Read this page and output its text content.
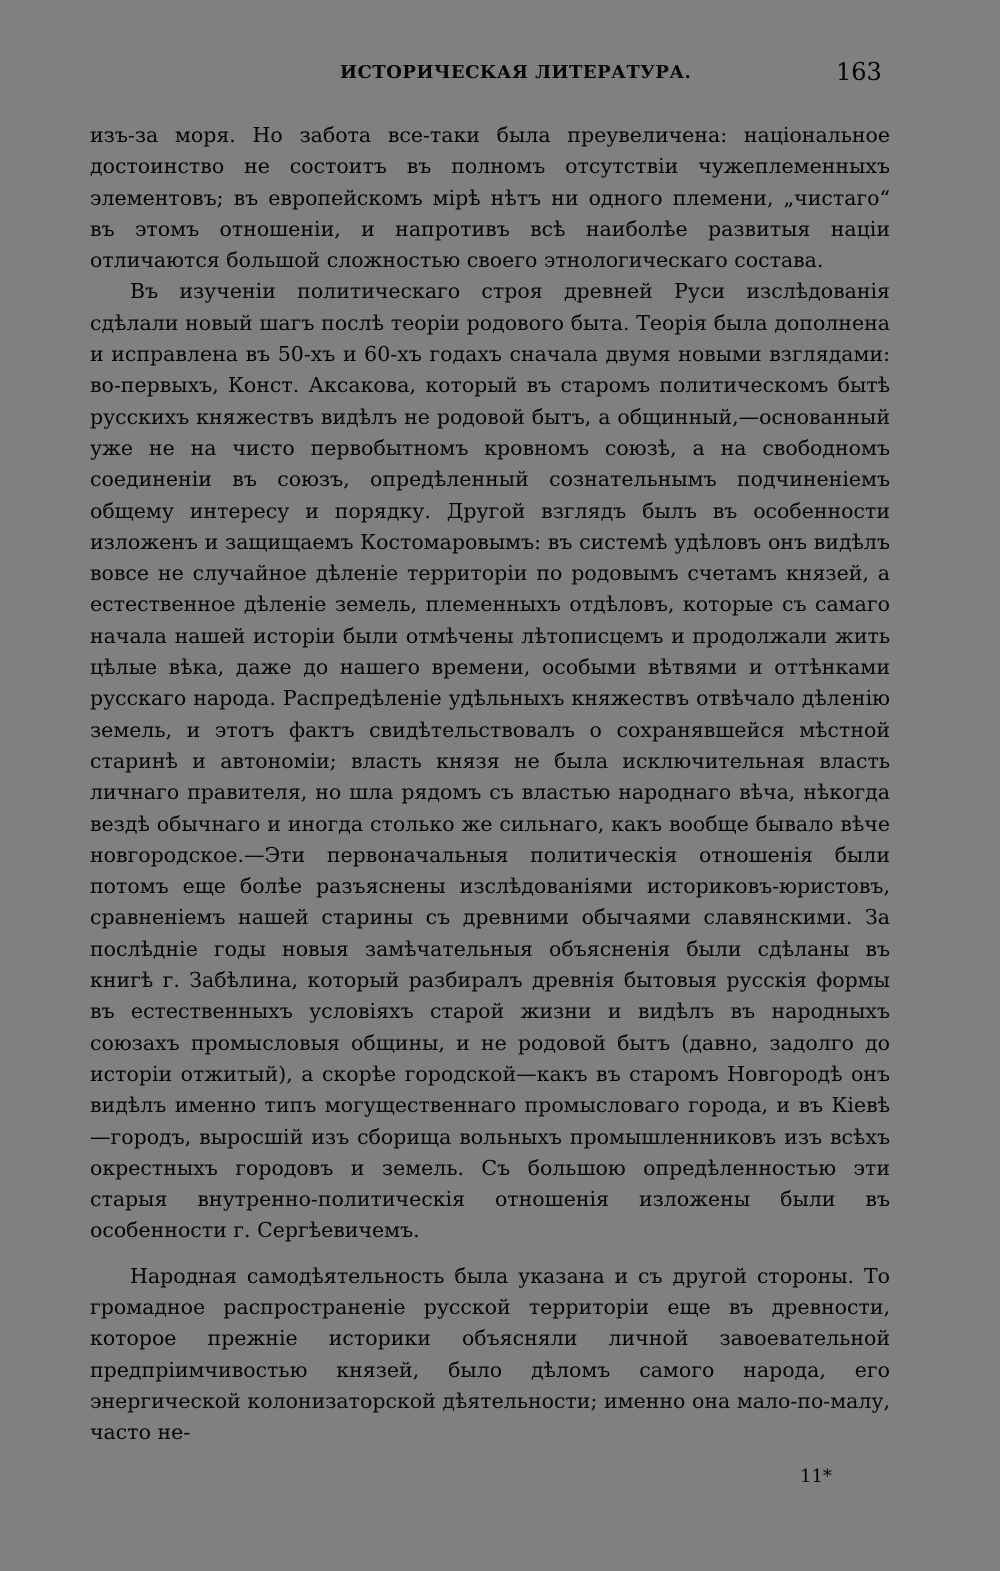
ИСТОРИЧЕСКАЯ ЛИТЕРАТУРА.	163

изъ-за моря. Но забота все-таки была преувеличена: національное достоинство не состоитъ въ полномъ отсутствіи чужеплеменныхъ элементовъ; въ европейскомъ мірѣ нѣтъ ни одного племени, „чистаго“ въ этомъ отношеніи, и напротивъ всѣ наиболѣе развитыя націи отличаются большой сложностью своего этнологическаго состава.

Въ изученіи политическаго строя древней Руси изслѣдованія сдѣлали новый шагъ послѣ теоріи родового быта. Теорія была дополнена и исправлена въ 50-хъ и 60-хъ годахъ сначала двумя новыми взглядами: во-первыхъ, Конст. Аксакова, который въ старомъ политическомъ бытѣ русскихъ княжествъ видѣлъ не родовой бытъ, а общинный,—основанный уже не на чисто первобытномъ кровномъ союзѣ, а на свободномъ соединеніи въ союзъ, опредѣленный сознательнымъ подчиненіемъ общему интересу и порядку. Другой взглядъ былъ въ особенности изложенъ и защищаемъ Костомаровымъ: въ системѣ удѣловъ онъ видѣлъ вовсе не случайное дѣленіе территоріи по родовымъ счетамъ князей, а естественное дѣленіе земель, племенныхъ отдѣловъ, которые съ самаго начала нашей исторіи были отмѣчены лѣтописцемъ и продолжали жить цѣлые вѣка, даже до нашего времени, особыми вѣтвями и оттѣнками русскаго народа. Распредѣленіе удѣльныхъ княжествъ отвѣчало дѣленію земель, и этотъ фактъ свидѣтельствовалъ о сохранявшейся мѣстной старинѣ и автономіи; власть князя не была исключительная власть личнаго правителя, но шла рядомъ съ властью народнаго вѣча, нѣкогда вездѣ обычнаго и иногда столько же сильнаго, какъ вообще бывало вѣче новгородское.—Эти первоначальныя политическія отношенія были потомъ еще болѣе разъяснены изслѣдованіями историковъ-юристовъ, сравненіемъ нашей старины съ древними обычаями славянскими. За послѣдніе годы новыя замѣчательныя объясненія были сдѣланы въ книгѣ г. Забѣлина, который разбиралъ древнія бытовыя русскія формы въ естественныхъ условіяхъ старой жизни и видѣлъ въ народныхъ союзахъ промысловыя общины, и не родовой бытъ (давно, задолго до исторіи отжитый), а скорѣе городской—какъ въ старомъ Новгородѣ онъ видѣлъ именно типъ могущественнаго промысловаго города, и въ Кіевѣ—городъ, выросшій изъ сборища вольныхъ промышленниковъ изъ всѣхъ окрестныхъ городовъ и земель. Съ большою опредѣленностью эти старыя внутренно-политическія отношенія изложены были въ особенности г. Сергѣевичемъ.

Народная самодѣятельность была указана и съ другой стороны. То громадное распространеніе русской территоріи еще въ древности, которое прежніе историки объясняли личной завоевательной предпріимчивостью князей, было дѣломъ самого народа, его энергической колонизаторской дѣятельности; именно она мало-по-малу, часто не-

11*
